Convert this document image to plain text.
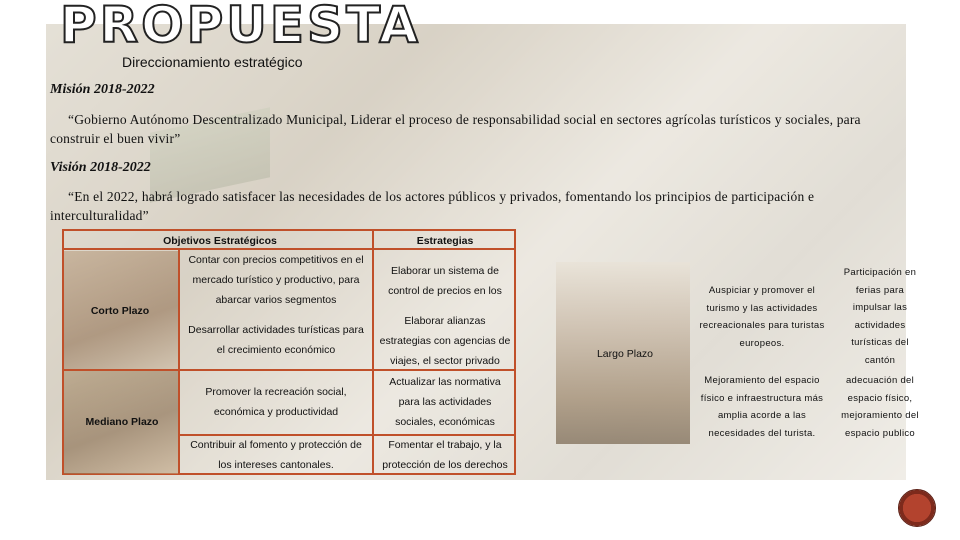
PROPUESTA
Direccionamiento estratégico
Misión 2018-2022
“Gobierno Autónomo Descentralizado Municipal, Liderar el proceso de responsabilidad social en sectores agrícolas turísticos y sociales, para construir el buen vivir”
Visión 2018-2022
“En el 2022, habrá logrado satisfacer las necesidades de los actores públicos y privados, fomentando los principios de participación e interculturalidad”
Objetivos Estratégicos	Estrategias
Corto Plazo
Mediano Plazo
Contar con precios competitivos en el
mercado turístico y productivo, para
abarcar varios segmentos
Elaborar un sistema de
control de precios en los
Desarrollar actividades turísticas para
el crecimiento económico
Elaborar alianzas
estrategias con agencias de
viajes, el sector privado
Promover la recreación social,
económica y productividad
Actualizar las normativa
para las actividades
sociales, económicas
Contribuir al fomento y protección de
los intereses cantonales.
Fomentar el trabajo, y la
protección de los derechos
Largo Plazo
Auspiciar y promover el
turismo y las actividades
recreacionales para turistas
europeos.
Participación en
ferias para
impulsar las
actividades
turísticas del
cantón
Mejoramiento del espacio
físico e infraestructura más
amplia acorde a las
necesidades del turista.
adecuación del
espacio físico,
mejoramiento del
espacio publico
